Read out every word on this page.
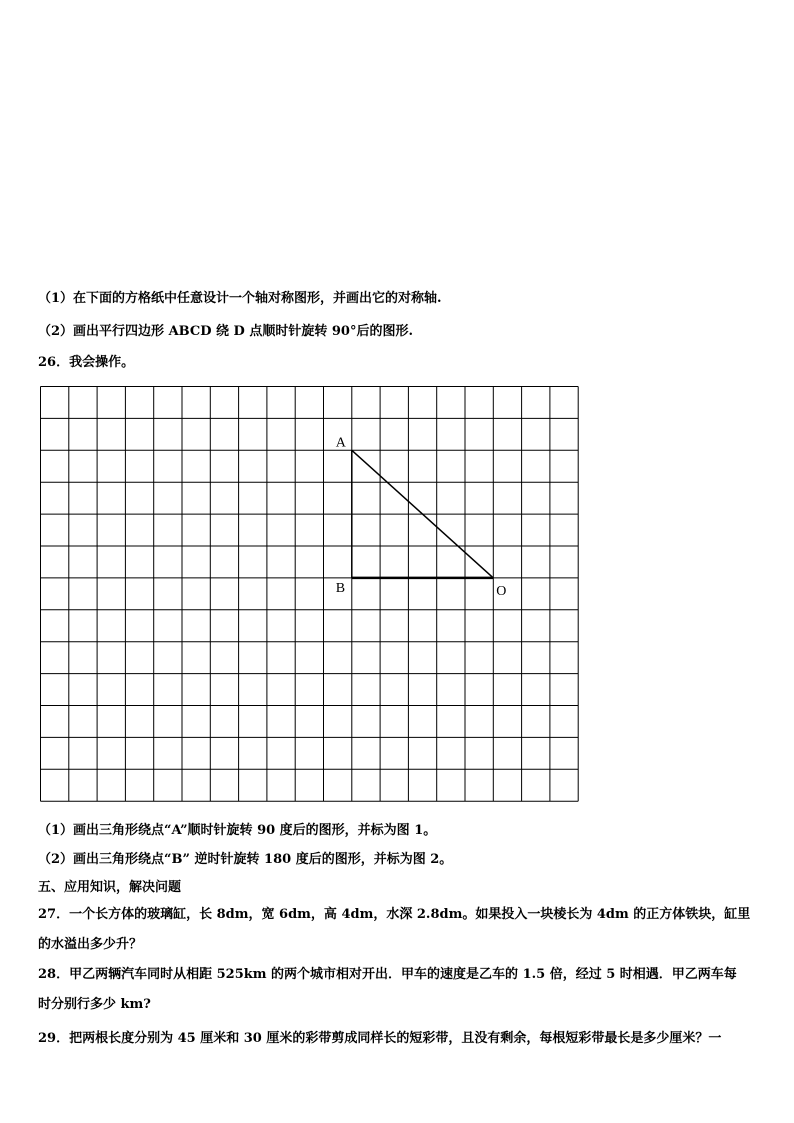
（1）在下面的方格纸中任意设计一个轴对称图形，并画出它的对称轴.
（2）画出平行四边形 ABCD 绕 D 点顺时针旋转 90°后的图形.
26．我会操作。
A
B	O
（1）画出三角形绕点“A”顺时针旋转 90 度后的图形，并标为图 1。
（2）画出三角形绕点“B” 逆时针旋转 180 度后的图形，并标为图 2。
五、应用知识，解决问题
27．一个长方体的玻璃缸，长 8dm，宽 6dm，高 4dm，水深 2.8dm。如果投入一块棱长为 4dm 的正方体铁块，缸里
的水溢出多少升？
28．甲乙两辆汽车同时从相距 525km 的两个城市相对开出．甲车的速度是乙车的 1.5 倍，经过 5 时相遇．甲乙两车每
时分别行多少 km?
29．把两根长度分别为 45 厘米和 30 厘米的彩带剪成同样长的短彩带，且没有剩余，每根短彩带最长是多少厘米？一
